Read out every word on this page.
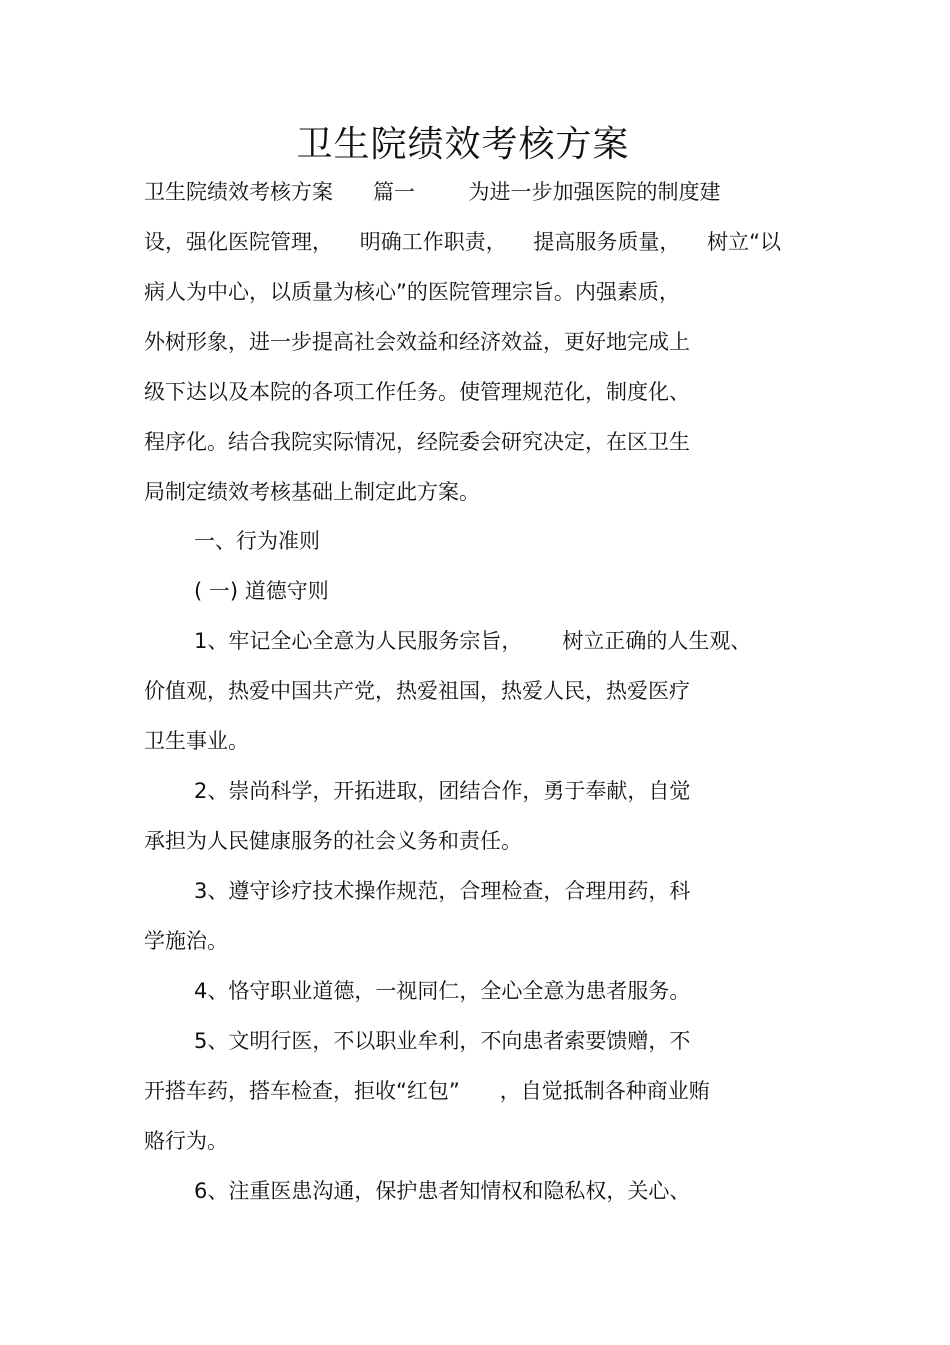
卫生院绩效考核方案
卫生院绩效考核方案      篇一        为进一步加强医院的制度建
设，强化医院管理，    明确工作职责，    提高服务质量，    树立“以
病人为中心，以质量为核心”的医院管理宗旨。内强素质，
外树形象，进一步提高社会效益和经济效益，更好地完成上
级下达以及本院的各项工作任务。使管理规范化，制度化、
程序化。结合我院实际情况，经院委会研究决定，在区卫生
局制定绩效考核基础上制定此方案。
一、行为准则
( 一) 道德守则
1、牢记全心全意为人民服务宗旨，      树立正确的人生观、
价值观，热爱中国共产党，热爱祖国，热爱人民，热爱医疗
卫生事业。
2、崇尚科学，开拓进取，团结合作，勇于奉献，自觉
承担为人民健康服务的社会义务和责任。
3、遵守诊疗技术操作规范，合理检查，合理用药，科
学施治。
4、恪守职业道德，一视同仁，全心全意为患者服务。
5、文明行医，不以职业牟利，不向患者索要馈赠，不
开搭车药，搭车检查，拒收“红包”      ，自觉抵制各种商业贿
赂行为。
6、注重医患沟通，保护患者知情权和隐私权，关心、
